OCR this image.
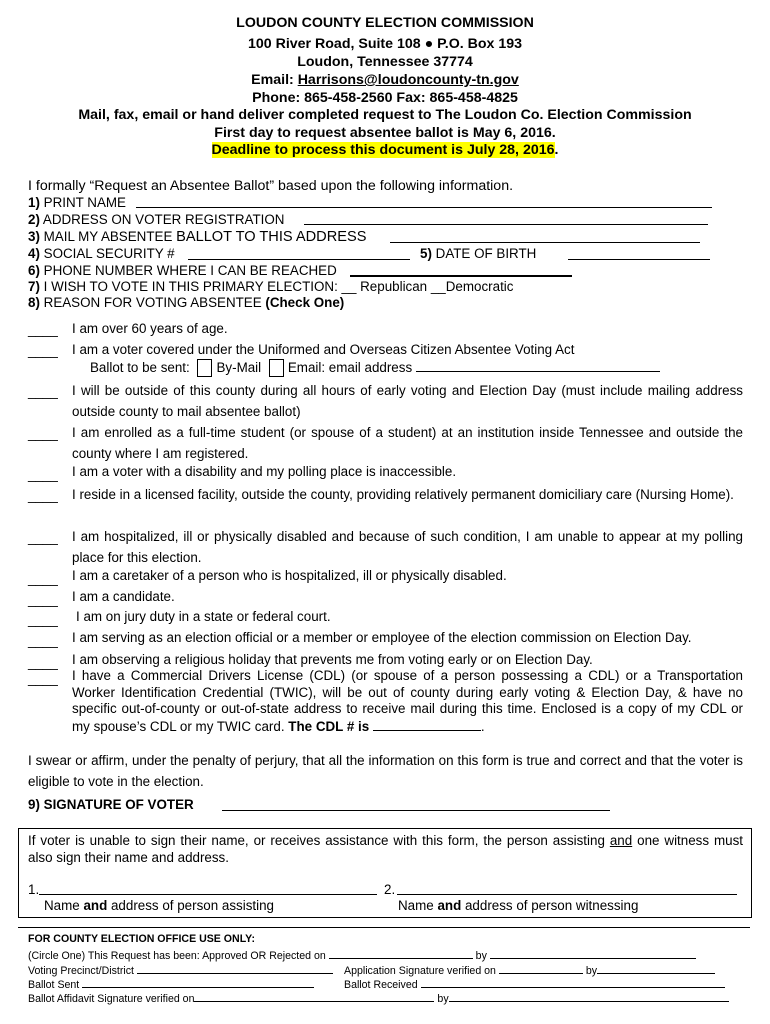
LOUDON COUNTY ELECTION COMMISSION
100 River Road, Suite 108 ● P.O. Box 193
Loudon, Tennessee 37774
Email: Harrisons@loudoncounty-tn.gov
Phone: 865-458-2560 Fax: 865-458-4825
Mail, fax, email or hand deliver completed request to The Loudon Co. Election Commission
First day to request absentee ballot is May 6, 2016.
Deadline to process this document is July 28, 2016.
I formally “Request an Absentee Ballot” based upon the following information.
1) PRINT NAME
2) ADDRESS ON VOTER REGISTRATION
3) MAIL MY ABSENTEE BALLOT TO THIS ADDRESS
4) SOCIAL SECURITY #	5) DATE OF BIRTH
6) PHONE NUMBER WHERE I CAN BE REACHED
7) I WISH TO VOTE IN THIS PRIMARY ELECTION: __ Republican __Democratic
8) REASON FOR VOTING ABSENTEE (Check One)
____ I am over 60 years of age.
____ I am a voter covered under the Uniformed and Overseas Citizen Absentee Voting Act
Ballot to be sent: By-Mail Email: email address
____ I will be outside of this county during all hours of early voting and Election Day (must include mailing address outside county to mail absentee ballot)
____ I am enrolled as a full-time student (or spouse of a student) at an institution inside Tennessee and outside the county where I am registered.
____ I am a voter with a disability and my polling place is inaccessible.
____ I reside in a licensed facility, outside the county, providing relatively permanent domiciliary care (Nursing Home).
____ I am hospitalized, ill or physically disabled and because of such condition, I am unable to appear at my polling place for this election.
____ I am a caretaker of a person who is hospitalized, ill or physically disabled.
____ I am a candidate.
____ I am on jury duty in a state or federal court.
____ I am serving as an election official or a member or employee of the election commission on Election Day.
____ I am observing a religious holiday that prevents me from voting early or on Election Day.
____ I have a Commercial Drivers License (CDL) (or spouse of a person possessing a CDL) or a Transportation Worker Identification Credential (TWIC), will be out of county during early voting & Election Day, & have no specific out-of-county or out-of-state address to receive mail during this time. Enclosed is a copy of my CDL or my spouse’s CDL or my TWIC card. The CDL # is	.
I swear or affirm, under the penalty of perjury, that all the information on this form is true and correct and that the voter is eligible to vote in the election.
9) SIGNATURE OF VOTER
If voter is unable to sign their name, or receives assistance with this form, the person assisting and one witness must also sign their name and address.
1.	2.
Name and address of person assisting	Name and address of person witnessing
FOR COUNTY ELECTION OFFICE USE ONLY:
(Circle One) This Request has been: Approved OR Rejected on	by
Voting Precinct/District	Application Signature verified on	by
Ballot Sent	Ballot Received
Ballot Affidavit Signature verified on	by
